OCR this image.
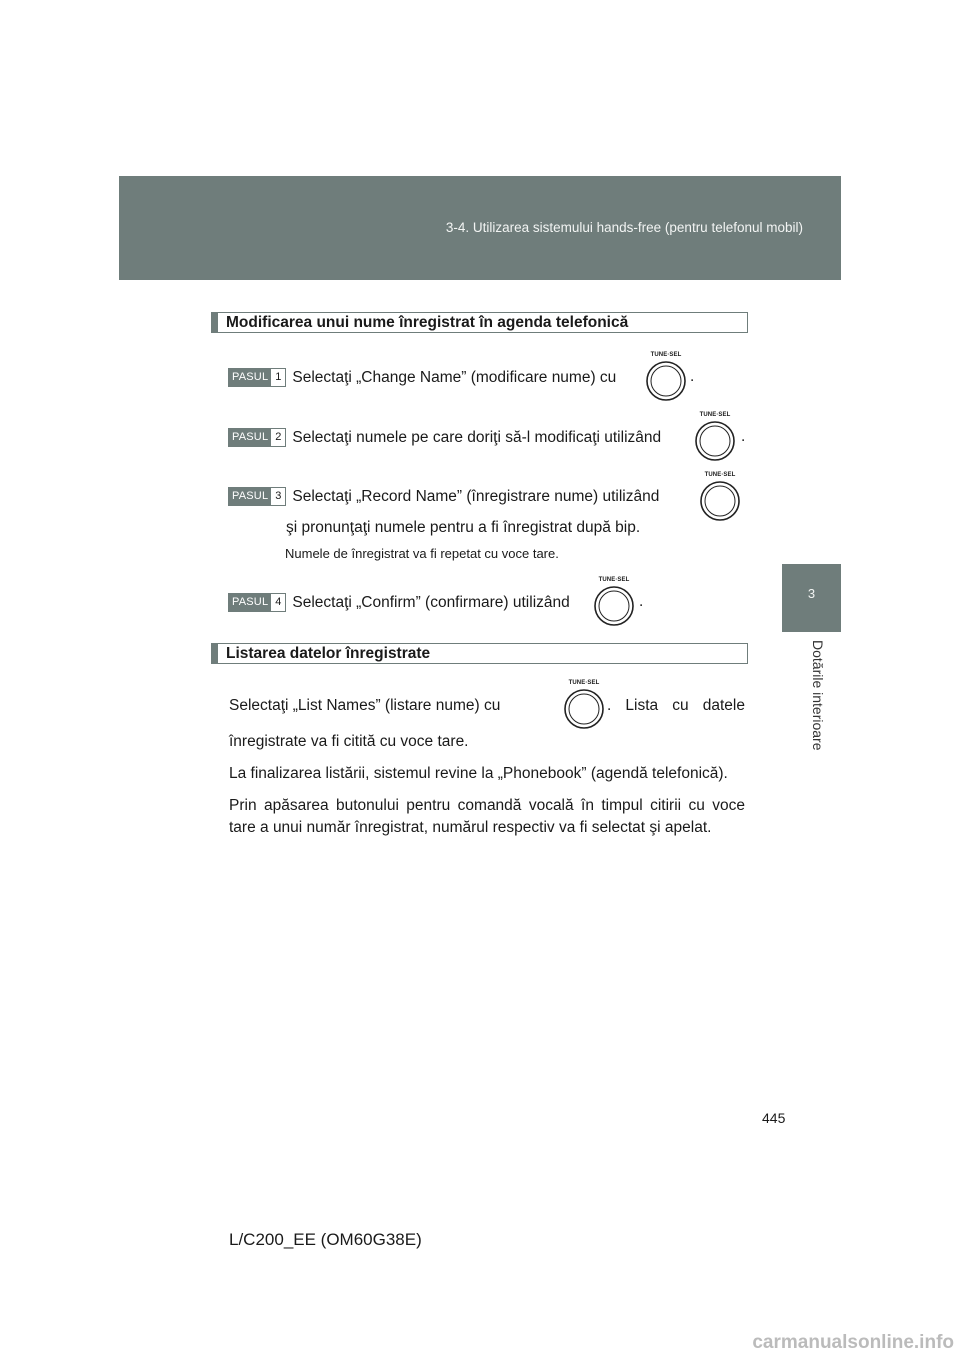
3-4. Utilizarea sistemului hands-free (pentru telefonul mobil)
3
Dotările interioare
Modificarea unui nume înregistrat în agenda telefonică
PASUL 1 Selectaţi „Change Name” (modificare nume) cu
TUNE·SEL
.
PASUL 2 Selectaţi numele pe care doriţi să-l modificaţi utilizând
TUNE·SEL
.
PASUL 3 Selectaţi „Record Name” (înregistrare nume) utilizând
TUNE·SEL
şi pronunţaţi numele pentru a fi înregistrat după bip.
Numele de înregistrat va fi repetat cu voce tare.
PASUL 4 Selectaţi „Confirm” (confirmare) utilizând
TUNE·SEL
.
Listarea datelor înregistrate
Selectaţi „List Names” (listare nume) cu
TUNE·SEL
. Lista cu datele
înregistrate va fi citită cu voce tare.
La finalizarea listării, sistemul revine la „Phonebook” (agendă telefonică).
Prin apăsarea butonului pentru comandă vocală în timpul citirii cu voce
tare a unui număr înregistrat, numărul respectiv va fi selectat şi apelat.
445
L/C200_EE (OM60G38E)
carmanualsonline.info
